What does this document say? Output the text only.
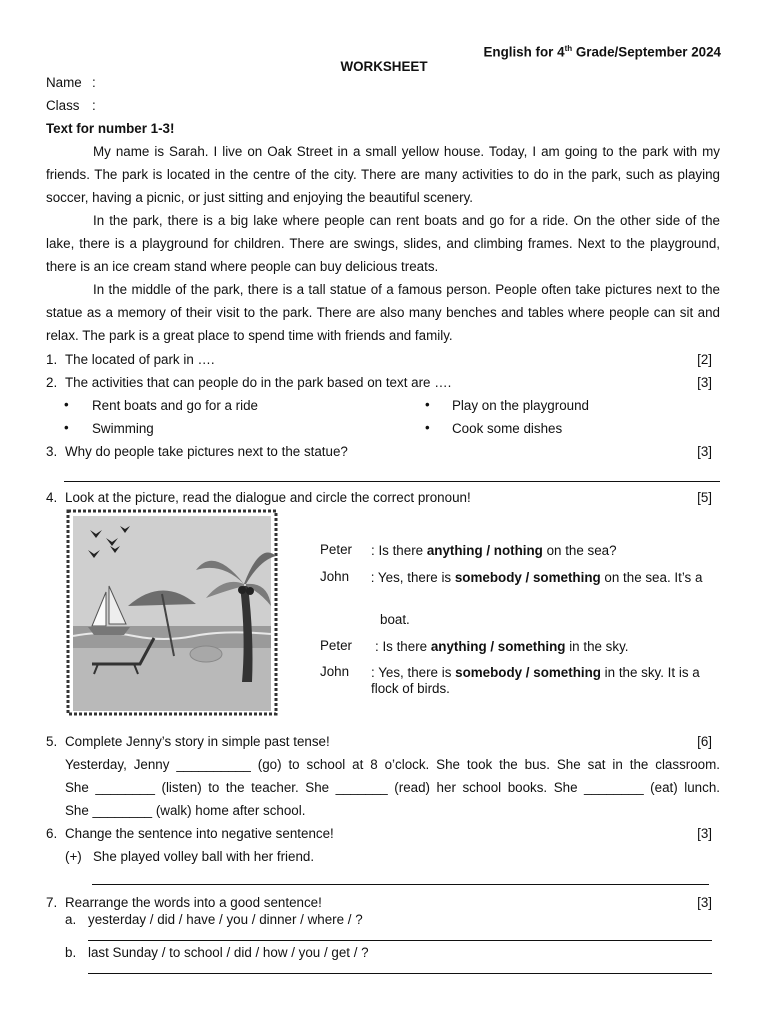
English for 4th Grade/September 2024
WORKSHEET
Name :
Class :
Text for number 1-3!
My name is Sarah. I live on Oak Street in a small yellow house. Today, I am going to the park with my friends. The park is located in the centre of the city. There are many activities to do in the park, such as playing soccer, having a picnic, or just sitting and enjoying the beautiful scenery.
In the park, there is a big lake where people can rent boats and go for a ride. On the other side of the lake, there is a playground for children. There are swings, slides, and climbing frames. Next to the playground, there is an ice cream stand where people can buy delicious treats.
In the middle of the park, there is a tall statue of a famous person. People often take pictures next to the statue as a memory of their visit to the park. There are also many benches and tables where people can sit and relax. The park is a great place to spend time with friends and family.
1. The located of park in ….	[2]
2. The activities that can people do in the park based on text are ….	[3]
• Rent boats and go for a ride
• Swimming
• Play on the playground
• Cook some dishes
3. Why do people take pictures next to the statue?	[3]
4. Look at the picture, read the dialogue and circle the correct pronoun!	[5]
Peter : Is there anything / nothing on the sea?
John : Yes, there is somebody / something on the sea. It’s a
boat.
Peter : Is there anything / something in the sky.
John : Yes, there is somebody / something in the sky. It is a
flock of birds.
5. Complete Jenny’s story in simple past tense!	[6]
Yesterday, Jenny __________ (go) to school at 8 o’clock. She took the bus. She sat in the classroom.
She ________ (listen) to the teacher. She _______ (read) her school books. She ________ (eat) lunch.
She ________ (walk) home after school.
6. Change the sentence into negative sentence!	[3]
(+) She played volley ball with her friend.
7. Rearrange the words into a good sentence!	[3]
a. yesterday / did / have / you / dinner / where / ?
b. last Sunday / to school / did / how / you / get / ?
